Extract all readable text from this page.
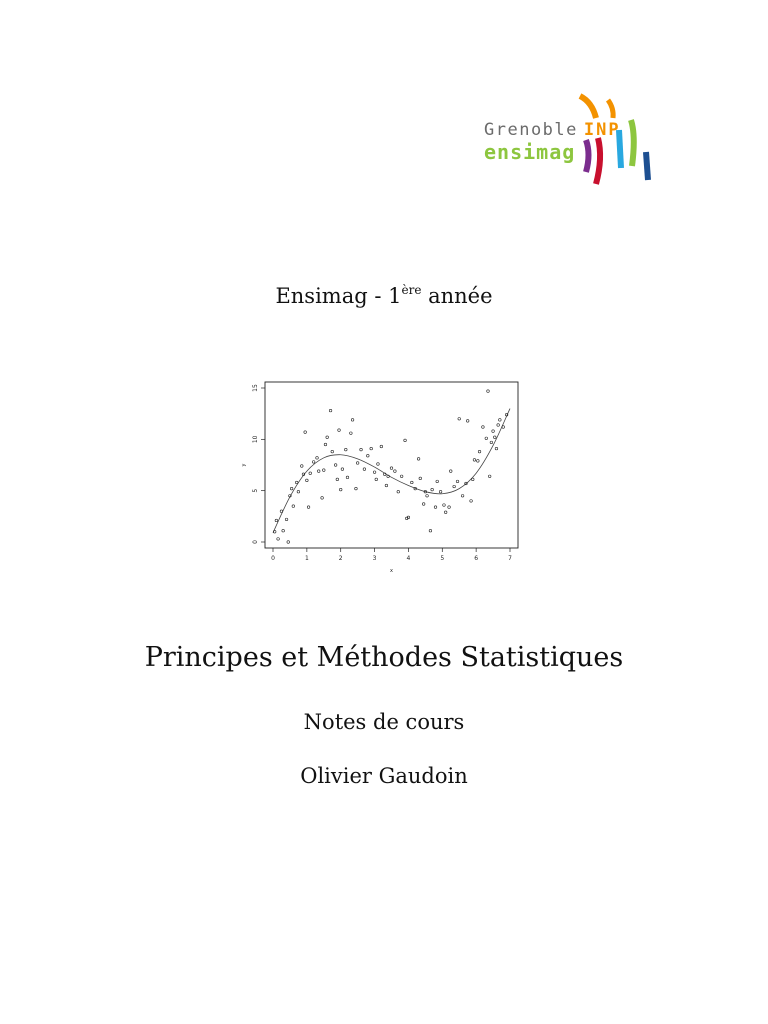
Grenoble INP
ensimag
Ensimag - 1ère année
0	1	2	3	4	5	6	7
0
5
10
15
x
y
Principes et Méthodes Statistiques
Notes de cours
Olivier Gaudoin
